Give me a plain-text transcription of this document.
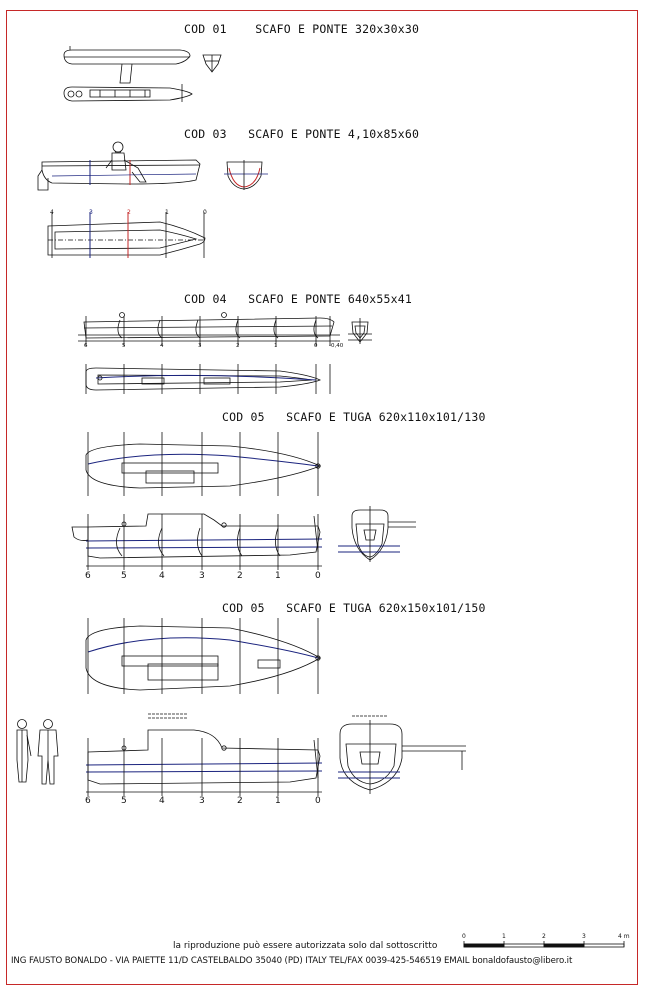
COD 01    SCAFO E PONTE 320x30x30
COD 03   SCAFO E PONTE 4,10x85x60
COD 04   SCAFO E PONTE 640x55x41
COD 05   SCAFO E TUGA 620x110x101/130
COD 05   SCAFO E TUGA 620x150x101/150
4	3	2	1	0
6	5	4	3	2	1	0 -0,40
6	5	4	3	2	1	0
6	5	4	3	2	1	0
0	1	2	3	4 m
la riproduzione può essere autorizzata solo dal sottoscritto
ING FAUSTO BONALDO - VIA PAIETTE 11/D CASTELBALDO 35040 (PD) ITALY TEL/FAX 0039-425-546519 EMAIL bonaldofausto@libero.it
